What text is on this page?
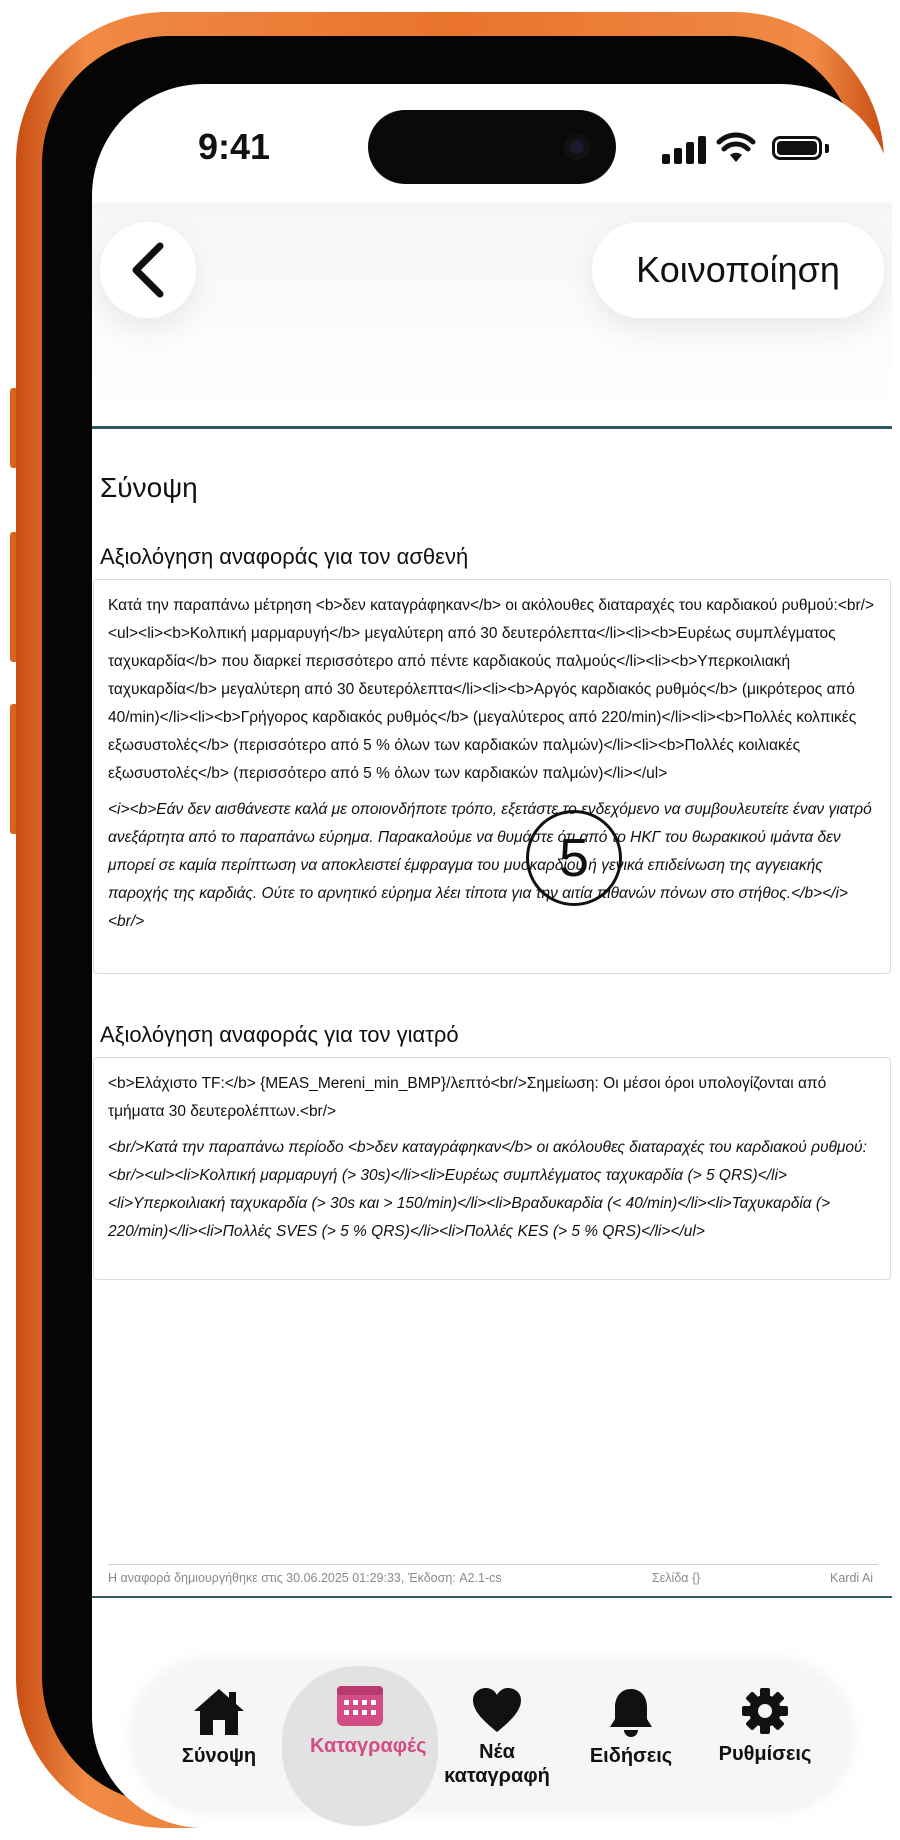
9:41
Κοινοποίηση
Σύνοψη
Αξιολόγηση αναφοράς για τον ασθενή

Κατά την παραπάνω μέτρηση <b>δεν καταγράφηκαν</b> οι ακόλουθες διαταραχές του καρδιακού ρυθμού:<br/><ul><li><b>Κολπική μαρμαρυγή</b> μεγαλύτερη από 30 δευτερόλεπτα</li><li><b>Ευρέως συμπλέγματος ταχυκαρδία</b> που διαρκεί περισσότερο από πέντε καρδιακούς παλμούς</li><li><b>Υπερκοιλιακή ταχυκαρδία</b> μεγαλύτερη από 30 δευτερόλεπτα</li><li><b>Αργός καρδιακός ρυθμός</b> (μικρότερος από 40/min)</li><li><b>Γρήγορος καρδιακός ρυθμός</b> (μεγαλύτερος από 220/min)</li><li><b>Πολλές κολπικές εξωσυστολές</b> (περισσότερο από 5 % όλων των καρδιακών παλμών)</li><li><b>Πολλές κοιλιακές εξωσυστολές</b> (περισσότερο από 5 % όλων των καρδιακών παλμών)</li></ul>

<i><b>Εάν δεν αισθάνεστε καλά με οποιονδήποτε τρόπο, εξετάστε το ενδεχόμενο να συμβουλευτείτε έναν γιατρό ανεξάρτητα από το παραπάνω εύρημα. Παρακαλούμε να θυμάστε ότι από το ΗΚΓ του θωρακικού ιμάντα δεν μπορεί σε καμία περίπτωση να αποκλειστεί έμφραγμα του μυοκαρδίου ή γενικά επιδείνωση της αγγειακής παροχής της καρδιάς. Ούτε το αρνητικό εύρημα λέει τίποτα για την αιτία πιθανών πόνων στο στήθος.</b></i><br/>

Αξιολόγηση αναφοράς για τον γιατρό

<b>Ελάχιστο TF:</b> {MEAS_Mereni_min_BMP}/λεπτό<br/>Σημείωση: Οι μέσοι όροι υπολογίζονται από τμήματα 30 δευτερολέπτων.<br/>

<br/>Κατά την παραπάνω περίοδο <b>δεν καταγράφηκαν</b> οι ακόλουθες διαταραχές του καρδιακού ρυθμού:<br/><ul><li>Κολπική μαρμαρυγή (> 30s)</li><li>Ευρέως συμπλέγματος ταχυκαρδία (> 5 QRS)</li><li>Υπερκοιλιακή ταχυκαρδία (> 30s και > 150/min)</li><li>Βραδυκαρδία (< 40/min)</li><li>Ταχυκαρδία (> 220/min)</li><li>Πολλές SVES (> 5 % QRS)</li><li>Πολλές KES (> 5 % QRS)</li></ul>

5
Η αναφορά δημιουργήθηκε στις 30.06.2025 01:29:33, Έκδοση: A2.1-cs	Σελίδα {}	Kardi Ai
Σύνοψη	Καταγραφές	Νέα καταγραφή
Ειδήσεις Ρυθμίσεις
